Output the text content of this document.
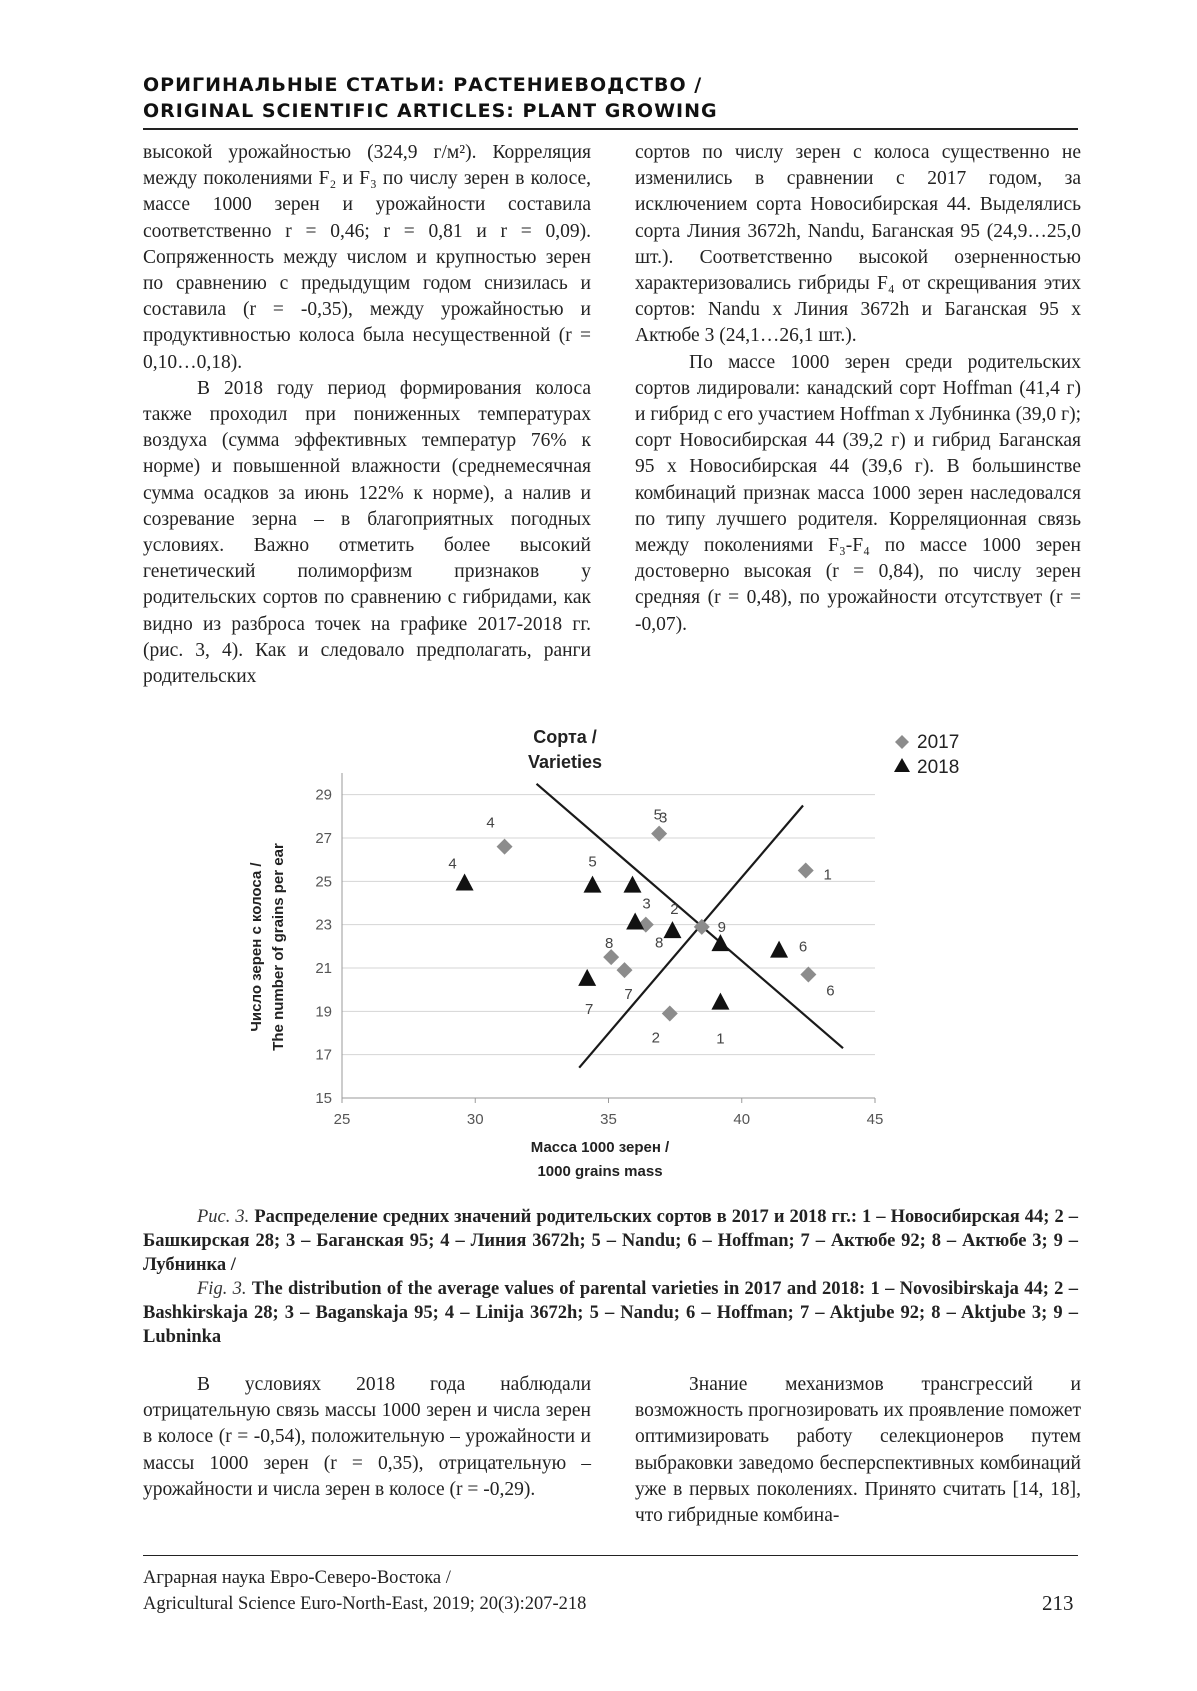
ОРИГИНАЛЬНЫЕ СТАТЬИ: РАСТЕНИЕВОДСТВО /
ORIGINAL SCIENTIFIC ARTICLES: PLANT GROWING

высокой урожайностью (324,9 г/м²). Корреляция между поколениями F₂ и F₃ по числу зерен в колосе, массе 1000 зерен и урожайности составила соответственно r = 0,46; r = 0,81 и r = 0,09). Сопряженность между числом и крупностью зерен по сравнению с предыдущим годом снизилась и составила (r = -0,35), между урожайностью и продуктивностью колоса была несущественной (r = 0,10…0,18).

В 2018 году период формирования колоса также проходил при пониженных температурах воздуха (сумма эффективных температур 76% к норме) и повышенной влажности (среднемесячная сумма осадков за июнь 122% к норме), а налив и созревание зерна – в благоприятных погодных условиях. Важно отметить более высокий генетический полиморфизм признаков у родительских сортов по сравнению с гибридами, как видно из разброса точек на графике 2017-2018 гг. (рис. 3, 4). Как и следовало предполагать, ранги родительских

сортов по числу зерен с колоса существенно не изменились в сравнении с 2017 годом, за исключением сорта Новосибирская 44. Выделялись сорта Линия 3672h, Nandu, Баганская 95 (24,9…25,0 шт.). Соответственно высокой озерненностью характеризовались гибриды F₄ от скрещивания этих сортов: Nandu х Линия 3672h и Баганская 95 х Актюбе 3 (24,1…26,1 шт.).

По массе 1000 зерен среди родительских сортов лидировали: канадский сорт Hoffman (41,4 г) и гибрид с его участием Hoffman х Лубнинка (39,0 г); сорт Новосибирская 44 (39,2 г) и гибрид Баганская 95 х Новосибирская 44 (39,6 г). В большинстве комбинаций признак масса 1000 зерен наследовался по типу лучшего родителя. Корреляционная связь между поколениями F₃-F₄ по массе 1000 зерен достоверно высокая (r = 0,84), по числу зерен средняя (r = 0,48), по урожайности отсутствует (r = -0,07).

15
17
19
21
23
25
27
29
25	30	35	40	45
1
2
3
4	5
6
7
8
9
1
2
3
4	5
6
7
8
Сорта /
Varieties
2017
2018
Масса 1000 зерен /
1000 grains mass
Число зерен с колоса / The number of grains per ear

Рис. 3. Распределение средних значений родительских сортов в 2017 и 2018 гг.: 1 – Новосибирская 44; 2 – Башкирская 28; 3 – Баганская 95; 4 – Линия 3672h; 5 – Nandu; 6 – Hoffman; 7 – Актюбе 92; 8 – Актюбе 3; 9 – Лубнинка /

Fig. 3. The distribution of the average values of parental varieties in 2017 and 2018: 1 – Novosibirskaja 44; 2 – Bashkirskaja 28; 3 – Baganskaja 95; 4 – Linija 3672h; 5 – Nandu; 6 – Hoffman; 7 – Aktjube 92; 8 – Aktjube 3; 9 – Lubninka

В условиях 2018 года наблюдали отрицательную связь массы 1000 зерен и числа зерен в колосе (r = -0,54), положительную – урожайности и массы 1000 зерен (r = 0,35), отрицательную – урожайности и числа зерен в колосе (r = -0,29).

Знание механизмов трансгрессий и возможность прогнозировать их проявление поможет оптимизировать работу селекционеров путем выбраковки заведомо бесперспективных комбинаций уже в первых поколениях. Принято считать [14, 18], что гибридные комбина-

Аграрная наука Евро-Северо-Востока /
Agricultural Science Euro-North-East, 2019; 20(3):207-218	213
